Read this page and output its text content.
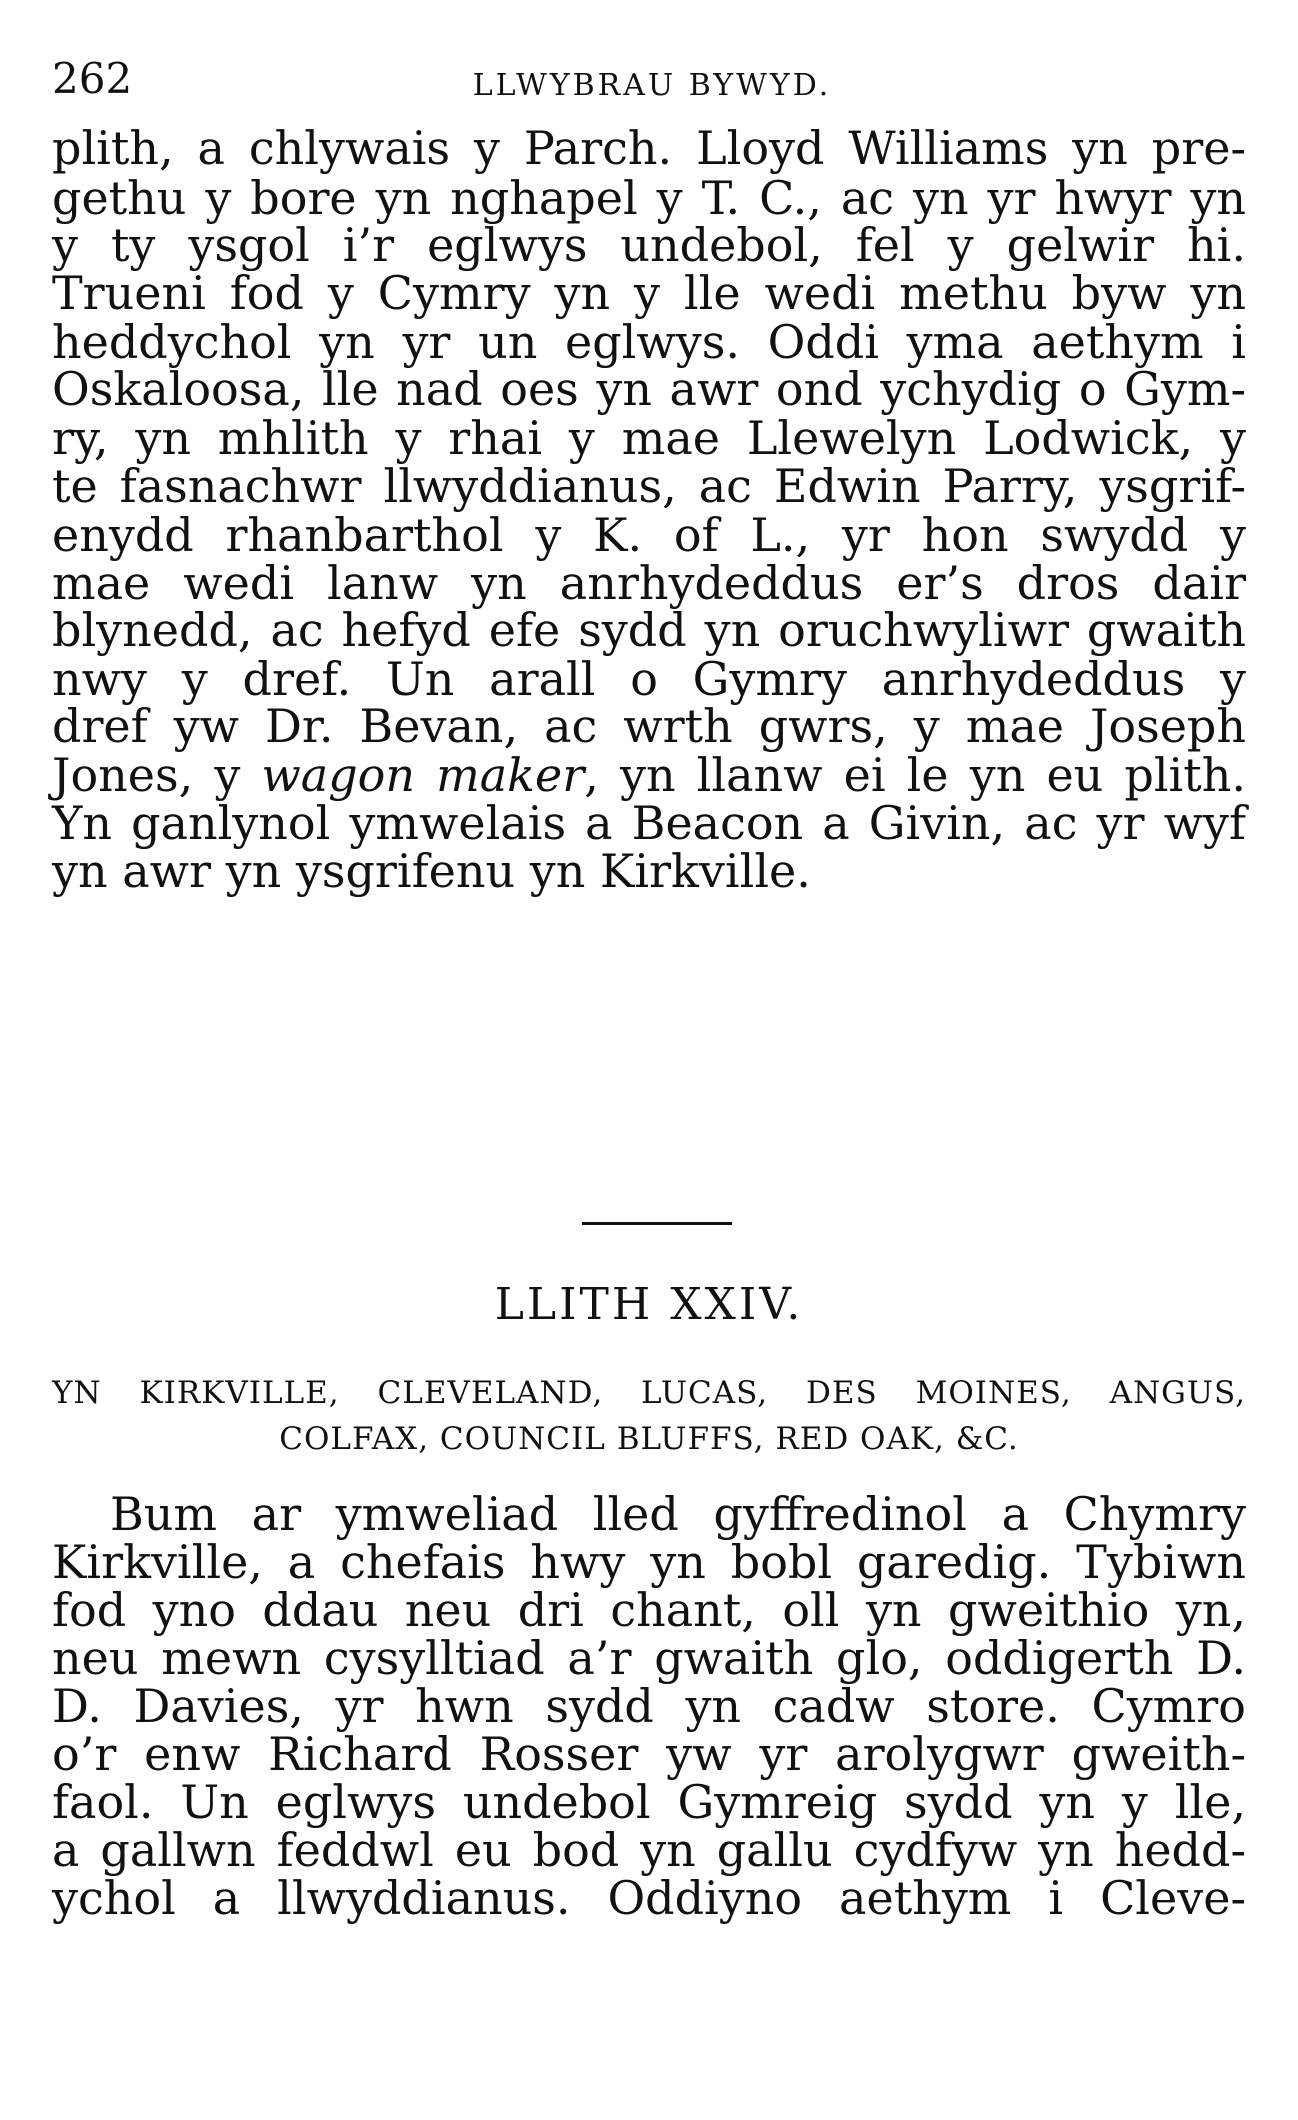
262	LLWYBRAU BYWYD.
plith, a chlywais y Parch. Lloyd Williams yn pre-
gethu y bore yn nghapel y T. C., ac yn yr hwyr yn
y ty ysgol i’r eglwys undebol, fel y gelwir hi.
Trueni fod y Cymry yn y lle wedi methu byw yn
heddychol yn yr un eglwys. Oddi yma aethym i
Oskaloosa, lle nad oes yn awr ond ychydig o Gym-
ry, yn mhlith y rhai y mae Llewelyn Lodwick, y
te fasnachwr llwyddianus, ac Edwin Parry, ysgrif-
enydd rhanbarthol y K. of L., yr hon swydd y
mae wedi lanw yn anrhydeddus er’s dros dair
blynedd, ac hefyd efe sydd yn oruchwyliwr gwaith
nwy y dref. Un arall o Gymry anrhydeddus y
dref yw Dr. Bevan, ac wrth gwrs, y mae Joseph
Jones, y wagon maker, yn llanw ei le yn eu plith.
Yn ganlynol ymwelais a Beacon a Givin, ac yr wyf
yn awr yn ysgrifenu yn Kirkville.
LLITH XXIV.
YN KIRKVILLE, CLEVELAND, LUCAS, DES MOINES, ANGUS,
COLFAX, COUNCIL BLUFFS, RED OAK, &C.
Bum ar ymweliad lled gyffredinol a Chymry
Kirkville, a chefais hwy yn bobl garedig. Tybiwn
fod yno ddau neu dri chant, oll yn gweithio yn,
neu mewn cysylltiad a’r gwaith glo, oddigerth D.
D. Davies, yr hwn sydd yn cadw store. Cymro
o’r enw Richard Rosser yw yr arolygwr gweith-
faol. Un eglwys undebol Gymreig sydd yn y lle,
a gallwn feddwl eu bod yn gallu cydfyw yn hedd-
ychol a llwyddianus. Oddiyno aethym i Cleve-
